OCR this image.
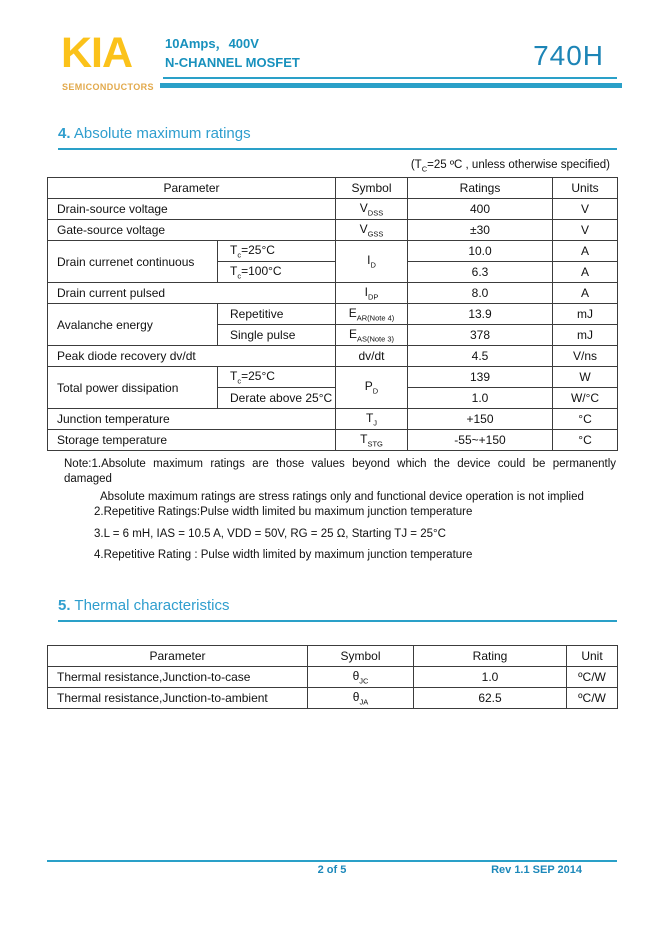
KIA
SEMICONDUCTORS
10Amps，400V
N-CHANNEL MOSFET	740H
4. Absolute maximum ratings
($T_C=25$ ºC , unless otherwise specified)
Parameter		Symbol	Ratings	Units
Drain-source voltage		$V_{DSS}$	400	V
Gate-source voltage		$V_{GSS}$	±30	V
Drain currenet continuous	$T_c=25^\circ C$	$I_D$	10.0	A
	$T_c=100^\circ C$		6.3	A
Drain current pulsed		$I_{DP}$	8.0	A
Avalanche energy	Repetitive	$E_{AR(Note 4)}$	13.9	mJ
	Single pulse	$E_{AS(Note 3)}$	378	mJ
Peak diode recovery dv/dt		dv/dt	4.5	V/ns
Total power dissipation	$T_c=25^\circ C$	$P_D$	139	W
	Derate above 25°C		1.0	W/°C
Junction temperature		$T_J$	+150	°C
Storage temperature		$T_{STG}$	-55~+150	°C
Note:1.Absolute maximum ratings are those values beyond which the device could be permanently
damaged
Absolute maximum ratings are stress ratings only and functional device operation is not implied
2.Repetitive Ratings:Pulse width limited bu maximum junction temperature
3.L = 6 mH, IAS = 10.5 A, VDD = 50V, RG = 25 Ω, Starting TJ = 25°C
4.Repetitive Rating : Pulse width limited by maximum junction temperature
5. Thermal characteristics
Parameter	Symbol	Rating	Unit
Thermal resistance,Junction-to-case	$\theta_{JC}$	1.0	ºC/W
Thermal resistance,Junction-to-ambient	$\theta_{JA}$	62.5	ºC/W
2 of 5	Rev 1.1 SEP 2014
